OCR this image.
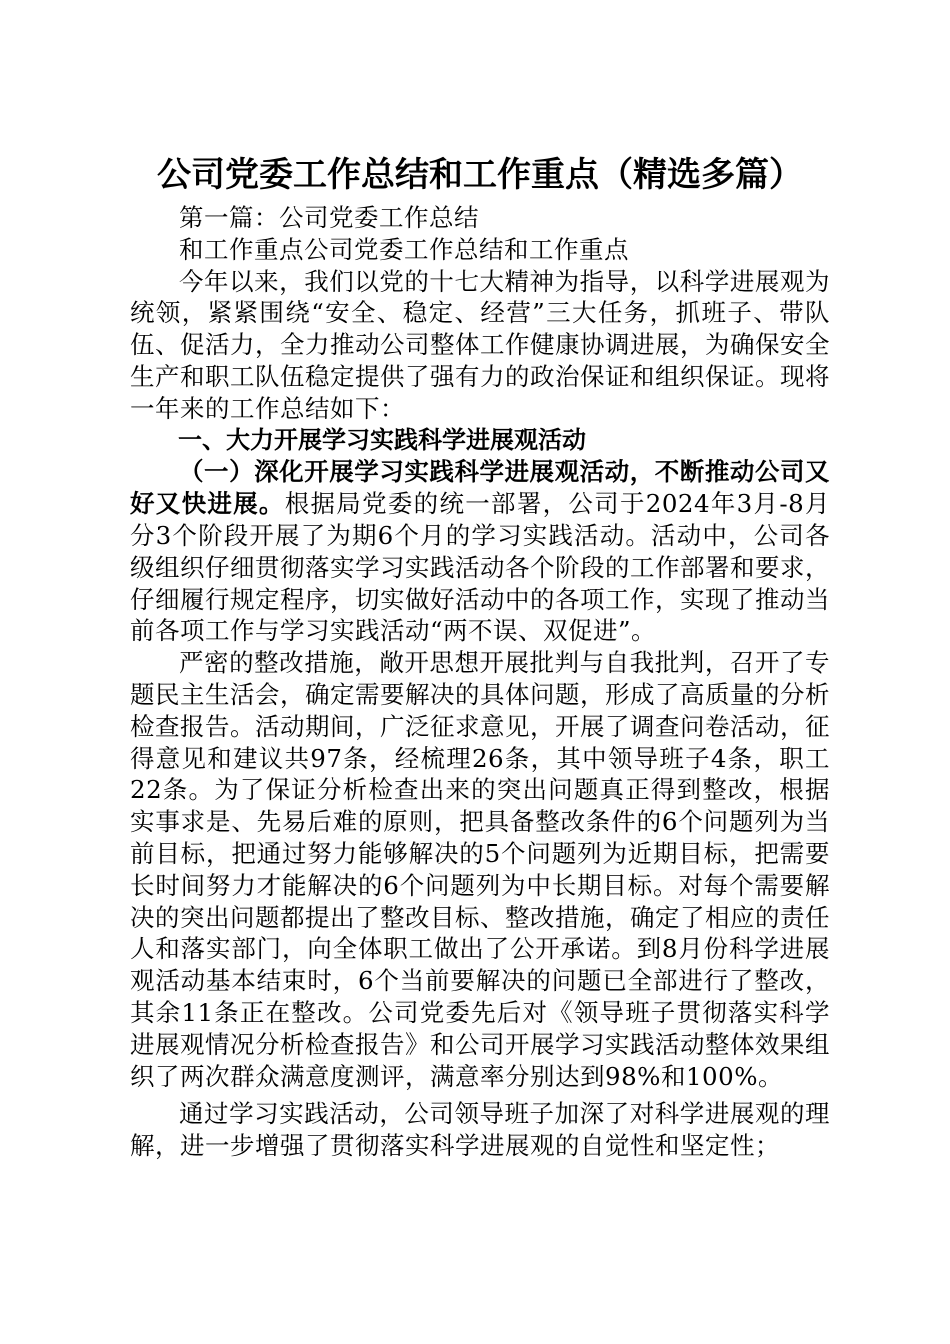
公司党委工作总结和工作重点（精选多篇）

第一篇：公司党委工作总结

和工作重点公司党委工作总结和工作重点

今年以来，我们以党的十七大精神为指导，以科学进展观为统领，紧紧围绕“安全、稳定、经营”三大任务，抓班子、带队伍、促活力，全力推动公司整体工作健康协调进展，为确保安全生产和职工队伍稳定提供了强有力的政治保证和组织保证。现将一年来的工作总结如下：

一、大力开展学习实践科学进展观活动

（一）深化开展学习实践科学进展观活动，不断推动公司又好又快进展。根据局党委的统一部署，公司于2024年3月-8月分3个阶段开展了为期6个月的学习实践活动。活动中，公司各级组织仔细贯彻落实学习实践活动各个阶段的工作部署和要求，仔细履行规定程序，切实做好活动中的各项工作，实现了推动当前各项工作与学习实践活动“两不误、双促进”。

严密的整改措施，敞开思想开展批判与自我批判，召开了专题民主生活会，确定需要解决的具体问题，形成了高质量的分析检查报告。活动期间，广泛征求意见，开展了调查问卷活动，征得意见和建议共97条，经梳理26条，其中领导班子4条，职工22条。为了保证分析检查出来的突出问题真正得到整改，根据实事求是、先易后难的原则，把具备整改条件的6个问题列为当前目标，把通过努力能够解决的5个问题列为近期目标，把需要长时间努力才能解决的6个问题列为中长期目标。对每个需要解决的突出问题都提出了整改目标、整改措施，确定了相应的责任人和落实部门，向全体职工做出了公开承诺。到8月份科学进展观活动基本结束时，6个当前要解决的问题已全部进行了整改，其余11条正在整改。公司党委先后对《领导班子贯彻落实科学进展观情况分析检查报告》和公司开展学习实践活动整体效果组织了两次群众满意度测评，满意率分别达到98%和100%。

通过学习实践活动，公司领导班子加深了对科学进展观的理解，进一步增强了贯彻落实科学进展观的自觉性和坚定性；
